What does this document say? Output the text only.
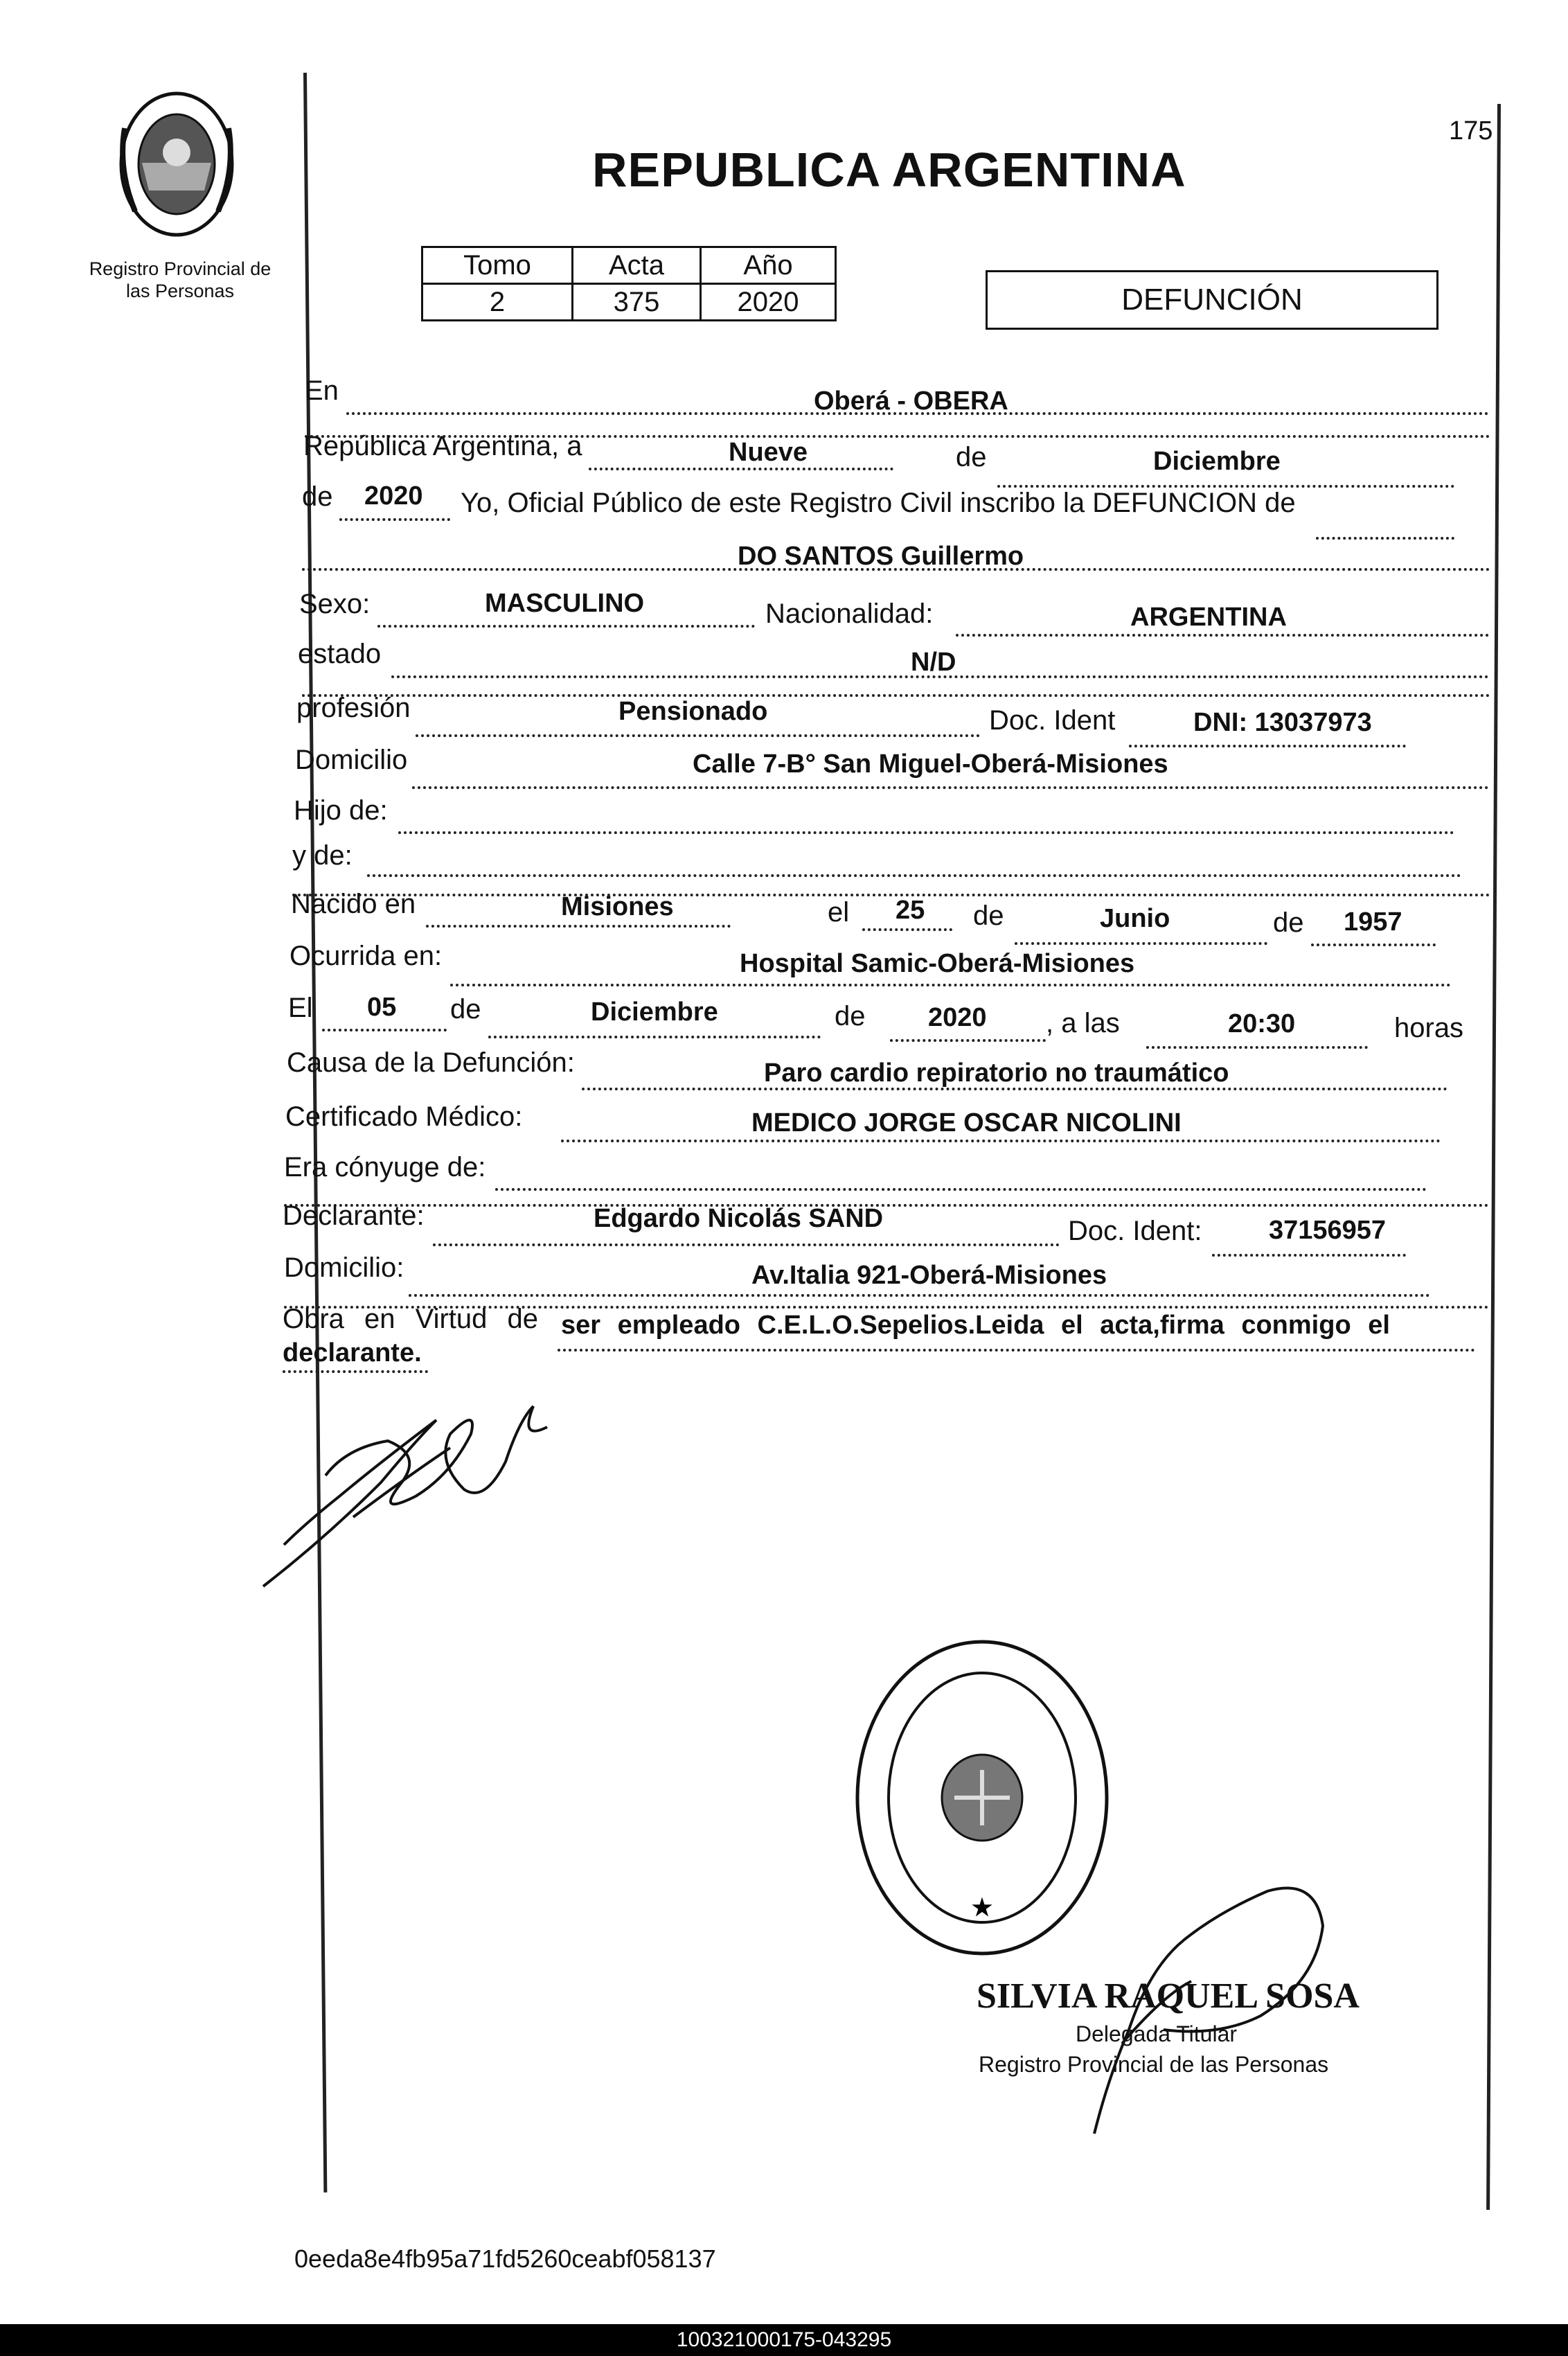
Registro Provincial de las Personas
REPUBLICA ARGENTINA
175
Tomo	Acta	Año
2	375	2020	DEFUNCIÓN
En	Oberá - OBERA
República Argentina, a	Nueve	de	Diciembre
de 2020 Yo, Oficial Público de este Registro Civil inscribo la DEFUNCION de
DO SANTOS Guillermo
Sexo:	MASCULINO	Nacionalidad:	ARGENTINA
estado	N/D
profesión	Pensionado	Doc. Ident	DNI: 13037973
Domicilio	Calle 7-B° San Miguel-Oberá-Misiones
Hijo de:
y de:
Nacido en	Misiones	el 25 de	Junio	de 1957
Ocurrida en:	Hospital Samic-Oberá-Misiones
El 05 de	Diciembre	de 2020 , a las	20:30	horas
Causa de la Defunción:	Paro cardio repiratorio no traumático
Certificado Médico:	MEDICO JORGE OSCAR NICOLINI
Era cónyuge de:
Declarante:	Edgardo Nicolás SAND	Doc. Ident:	37156957
Domicilio:	Av.Italia 921-Oberá-Misiones
Obra en Virtud de ser empleado C.E.L.O.Sepelios.Leida el acta,firma conmigo el
declarante.
★
SILVIA RAQUEL SOSA
Delegada Titular
Registro Provincial de las Personas
0eeda8e4fb95a71fd5260ceabf058137
100321000175-043295
